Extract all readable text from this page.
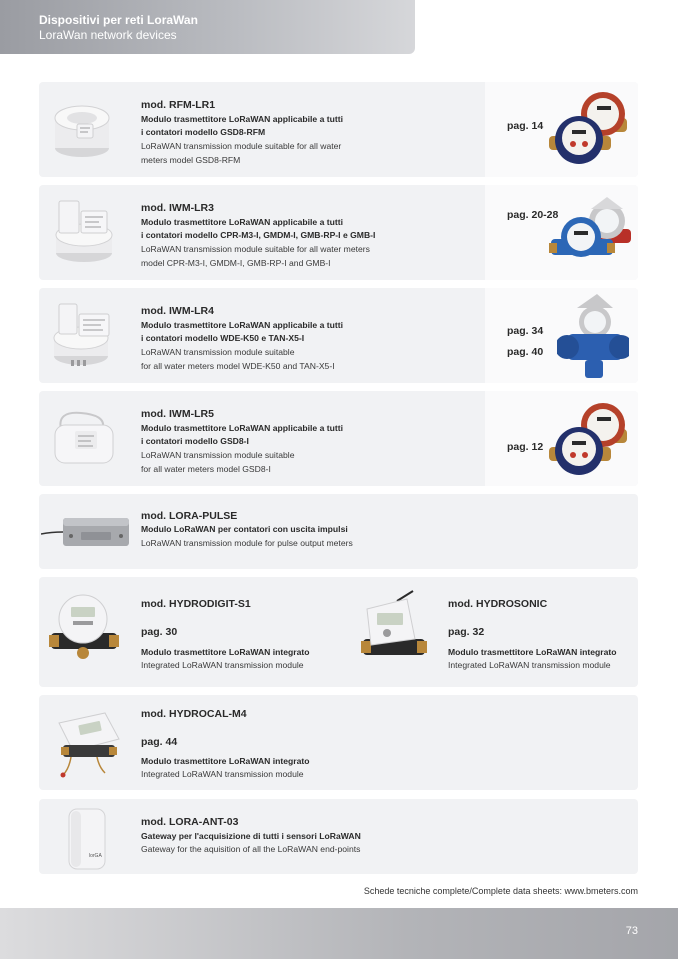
Dispositivi per reti LoraWan
LoraWan network devices
mod. RFM-LR1
Modulo trasmettitore LoRaWAN applicabile a tutti
i contatori modello GSD8-RFM
LoRaWAN transmission module suitable for all water
meters model GSD8-RFM
pag. 14
mod. IWM-LR3
Modulo trasmettitore LoRaWAN applicabile a tutti
i contatori modello CPR-M3-I, GMDM-I, GMB-RP-I e GMB-I
LoRaWAN transmission module suitable for all water meters
model CPR-M3-I, GMDM-I, GMB-RP-I and GMB-I
pag. 20-28
mod. IWM-LR4
Modulo trasmettitore LoRaWAN applicabile a tutti
i contatori modello WDE-K50 e TAN-X5-I
LoRaWAN transmission module suitable
for all water meters model WDE-K50 and TAN-X5-I
pag. 34
pag. 40
mod. IWM-LR5
Modulo trasmettitore LoRaWAN applicabile a tutti
i contatori modello GSD8-I
LoRaWAN transmission module suitable
for all water meters model GSD8-I
pag. 12
mod. LORA-PULSE
Modulo LoRaWAN per contatori con uscita impulsi
LoRaWAN transmission module for pulse output meters
mod. HYDRODIGIT-S1
pag. 30
Modulo trasmettitore LoRaWAN integrato
Integrated LoRaWAN transmission module
mod. HYDROSONIC
pag. 32
Modulo trasmettitore LoRaWAN integrato
Integrated LoRaWAN transmission module
mod. HYDROCAL-M4
pag. 44
Modulo trasmettitore LoRaWAN integrato
Integrated LoRaWAN transmission module
lorGA
mod. LORA-ANT-03
Gateway per l'acquisizione di tutti i sensori LoRaWAN
Gateway for the aquisition of all the LoRaWAN end-points
Schede tecniche complete/Complete data sheets: www.bmeters.com
73
